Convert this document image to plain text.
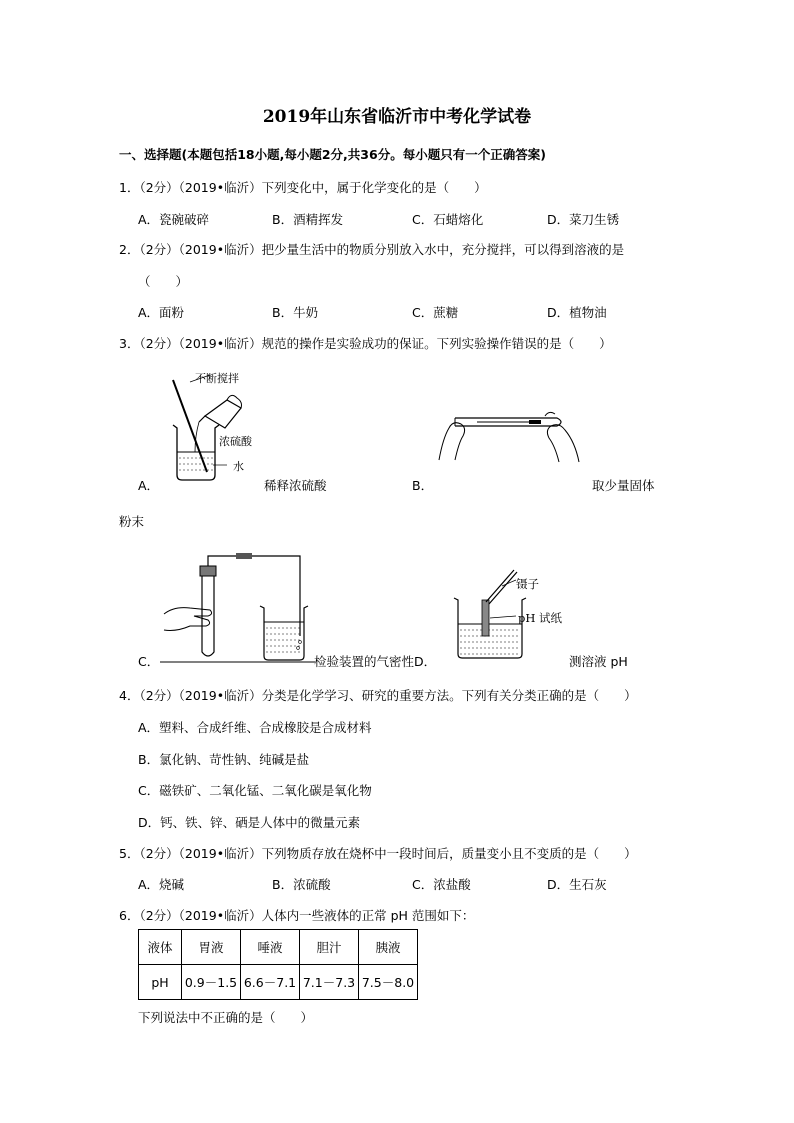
2019年山东省临沂市中考化学试卷
一、选择题(本题包括18小题,每小题2分,共36分。每小题只有一个正确答案)
1．（2分）（2019•临沂）下列变化中，属于化学变化的是（　　）
A．瓷碗破碎	B．酒精挥发	C．石蜡熔化	D．菜刀生锈
2．（2分）（2019•临沂）把少量生活中的物质分别放入水中，充分搅拌，可以得到溶液的是
（　　）
A．面粉	B．牛奶	C．蔗糖	D．植物油
3．（2分）（2019•临沂）规范的操作是实验成功的保证。下列实验操作错误的是（　　）
不断搅拌
浓硫酸
水
A．	稀释浓硫酸	B．	取少量固体
粉末
C．	检验装置的气密性D．
镊子
pH 试纸
测溶液 pH
4．（2分）（2019•临沂）分类是化学学习、研究的重要方法。下列有关分类正确的是（　　）
A．塑料、合成纤维、合成橡胶是合成材料
B．氯化钠、苛性钠、纯碱是盐
C．磁铁矿、二氧化锰、二氧化碳是氧化物
D．钙、铁、锌、硒是人体中的微量元素
5．（2分）（2019•临沂）下列物质存放在烧杯中一段时间后，质量变小且不变质的是（　　）
A．烧碱	B．浓硫酸	C．浓盐酸	D．生石灰
6．（2分）（2019•临沂）人体内一些液体的正常 pH 范围如下：
液体	胃液	唾液	胆汁	胰液
pH	0.9－1.5	6.6－7.1	7.1－7.3	7.5－8.0
下列说法中不正确的是（　　）
